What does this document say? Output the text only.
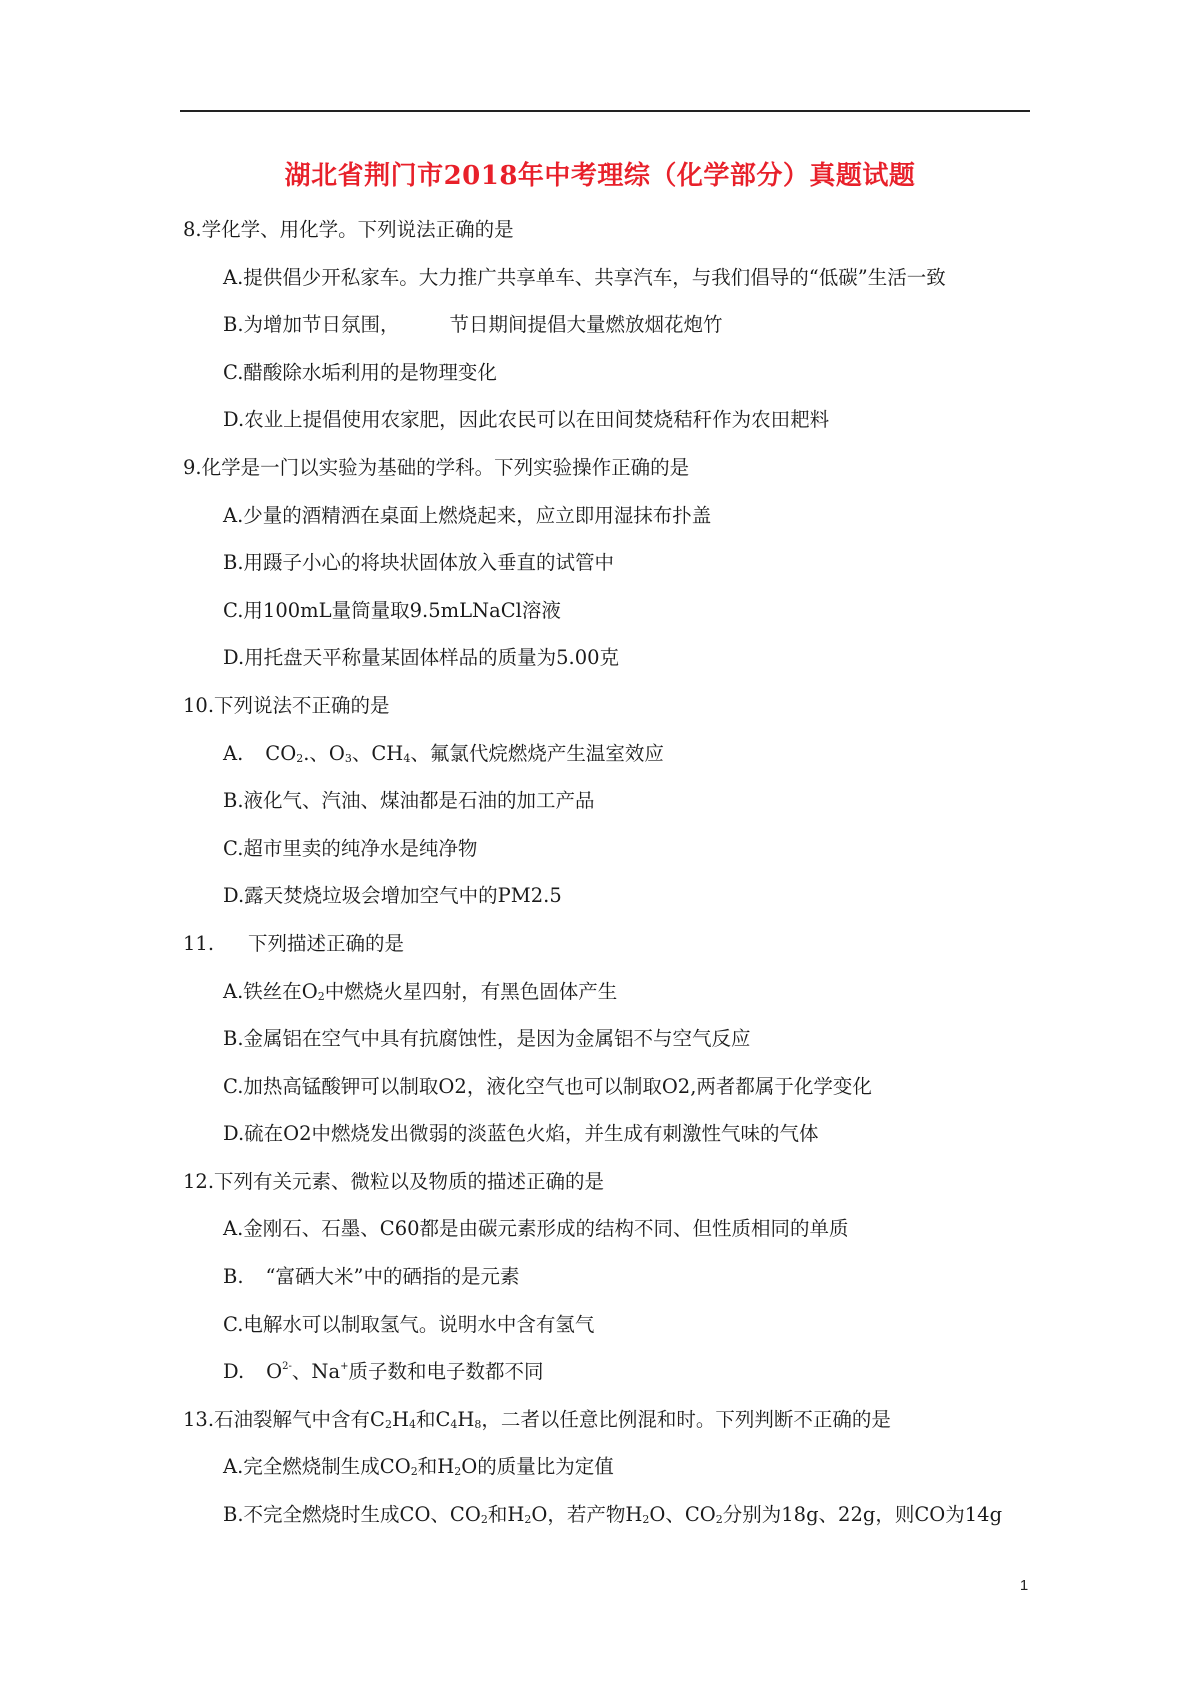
湖北省荆门市2018年中考理综（化学部分）真题试题
8.学化学、用化学。下列说法正确的是
A.提供倡少开私家车。大力推广共享单车、共享汽车，与我们倡导的“低碳”生活一致
B.为增加节日氛围，	节日期间提倡大量燃放烟花炮竹
C.醋酸除水垢利用的是物理变化
D.农业上提倡使用农家肥，因此农民可以在田间焚烧秸秆作为农田耙料
9.化学是一门以实验为基础的学科。下列实验操作正确的是
A.少量的酒精洒在桌面上燃烧起来，应立即用湿抹布扑盖
B.用蹑子小心的将块状固体放入垂直的试管中
C.用100mL量筒量取9.5mLNaCl溶液
D.用托盘天平称量某固体样品的质量为5.00克
10.下列说法不正确的是
A. $CO_2$.、$O_3$、$CH_4$、氟氯代烷燃烧产生温室效应
B.液化气、汽油、煤油都是石油的加工产品
C.超市里卖的纯净水是纯净物
D.露天焚烧垃圾会增加空气中的PM2.5
11. 下列描述正确的是
A.铁丝在$O_2$中燃烧火星四射，有黑色固体产生
B.金属铝在空气中具有抗腐蚀性，是因为金属铝不与空气反应
C.加热高锰酸钾可以制取O2，液化空气也可以制取O2,两者都属于化学变化
D.硫在O2中燃烧发出微弱的淡蓝色火焰，并生成有刺激性气味的气体
12.下列有关元素、微粒以及物质的描述正确的是
A.金刚石、石墨、C60都是由碳元素形成的结构不同、但性质相同的单质
B. “富硒大米”中的硒指的是元素
C.电解水可以制取氢气。说明水中含有氢气
D. $O^{2-}$、Na+质子数和电子数都不同
13.石油裂解气中含有$C_2H_4$和$C_4H_8$，二者以任意比例混和时。下列判断不正确的是
A.完全燃烧制生成$CO_2$和$H_2O$的质量比为定值
B.不完全燃烧时生成CO、$CO_2$和$H_2O$，若产物$H_2O$、$CO_2$分别为18g、22g，则CO为14g
1
